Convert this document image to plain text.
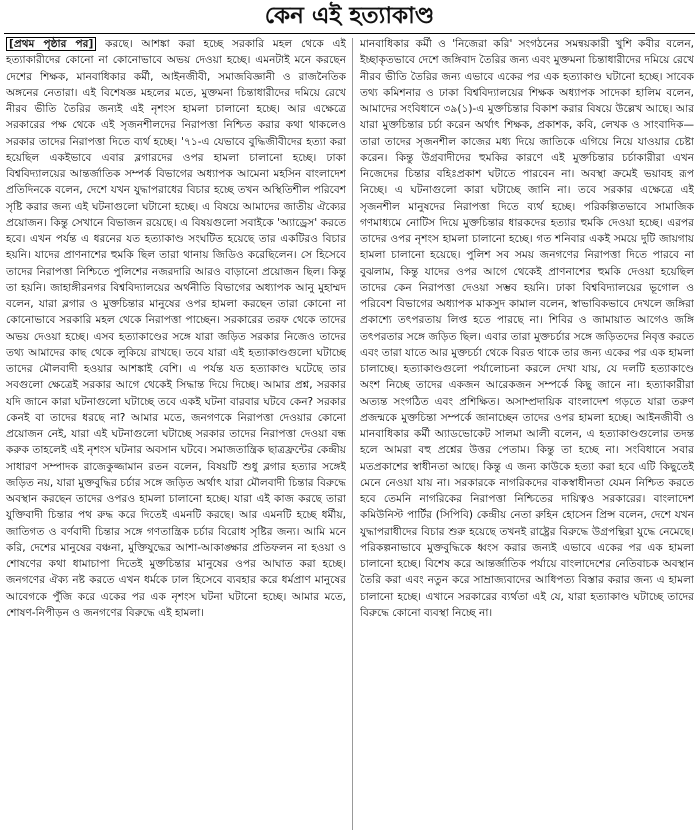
কেন এই হত্যাকাণ্ড

[প্রথম পৃষ্ঠার পর] করছে। আশঙ্কা করা হচ্ছে সরকারি মহল থেকে এই হত্যাকারীদের কোনো না কোনোভাবে অভয় দেওয়া হচ্ছে। এমনটাই মনে করছেন দেশের শিক্ষক, মানবাধিকার কর্মী, আইনজীবী, সমাজবিজ্ঞানী ও রাজনৈতিক অঙ্গনের নেতারা। এই বিশেষজ্ঞ মহলের মতে, মুক্তমনা চিন্তাধারীদের দমিয়ে রেখে নীরব ভীতি তৈরির জন্যই এই নৃশংস হামলা চালানো হচ্ছে। আর এক্ষেত্রে সরকারের পক্ষ থেকে এই সৃজনশীলদের নিরাপত্তা নিশ্চিত করার কথা থাকলেও সরকার তাদের নিরাপত্তা দিতে ব্যর্থ হচ্ছে। '৭১-এ যেভাবে বুদ্ধিজীবীদের হত্যা করা হয়েছিল একইভাবে এবার ব্লগারদের ওপর হামলা চালানো হচ্ছে। ঢাকা বিশ্ববিদ্যালয়ের আন্তর্জাতিক সম্পর্ক বিভাগের অধ্যাপক আমেনা মহসিন বাংলাদেশ প্রতিদিনকে বলেন, দেশে যখন যুদ্ধাপরাধের বিচার হচ্ছে তখন অস্থিতিশীল পরিবেশ সৃষ্টি করার জন্য এই ঘটনাগুলো ঘটানো হচ্ছে। এ বিষয়ে আমাদের জাতীয় ঐক্যের প্রয়োজন। কিন্তু সেখানে বিভাজন রয়েছে। এ বিষয়গুলো সবাইকে 'অ্যাড্রেস' করতে হবে। এখন পর্যন্ত এ ধরনের যত হত্যাকাণ্ড সংঘটিত হয়েছে তার একটিরও বিচার হয়নি। যাদের প্রাণনাশের হুমকি ছিল তারা থানায় জিডিও করেছিলেন। সে হিসেবে তাদের নিরাপত্তা নিশ্চিতে পুলিশের নজরদারি আরও বাড়ানো প্রয়োজন ছিল। কিন্তু তা হয়নি। জাহাঙ্গীরনগর বিশ্ববিদ্যালয়ের অর্থনীতি বিভাগের অধ্যাপক আনু মুহাম্মদ বলেন, যারা ব্লগার ও মুক্তচিন্তার মানুষের ওপর হামলা করছেন তারা কোনো না কোনোভাবে সরকারি মহল থেকে নিরাপত্তা পাচ্ছেন। সরকারের তরফ থেকে তাদের অভয় দেওয়া হচ্ছে। এসব হত্যাকাণ্ডের সঙ্গে যারা জড়িত সরকার নিজেও তাদের তথ্য আমাদের কাছ থেকে লুকিয়ে রাখছে। তবে যারা এই হত্যাকাণ্ডগুলো ঘটাচ্ছে তাদের মৌলবাদী হওয়ার আশঙ্কাই বেশি। এ পর্যন্ত যত হত্যাকাণ্ড ঘটেছে তার সবগুলো ক্ষেত্রেই সরকার আগে থেকেই সিদ্ধান্ত দিয়ে দিচ্ছে। আমার প্রশ্ন, সরকার যদি জানে কারা ঘটনাগুলো ঘটাচ্ছে তবে একই ঘটনা বারবার ঘটবে কেন? সরকার কেনই বা তাদের ধরছে না? আমার মতে, জনগণকে নিরাপত্তা দেওয়ার কোনো প্রয়োজন নেই, যারা এই ঘটনাগুলো ঘটাচ্ছে সরকার তাদের নিরাপত্তা দেওয়া বন্ধ করুক তাহলেই এই নৃশংস ঘটনার অবসান ঘটবে। সমাজতান্ত্রিক ছাত্রফ্রন্টের কেন্দ্রীয় সাধারণ সম্পাদক রাজেকুজ্জামান রতন বলেন, বিষয়টি শুধু ব্লগার হত্যার সঙ্গেই জড়িত নয়, যারা মুক্তবুদ্ধির চর্চার সঙ্গে জড়িত অর্থাৎ যারা মৌলবাদী চিন্তার বিরুদ্ধে অবস্থান করছেন তাদের ওপরও হামলা চালানো হচ্ছে। যারা এই কাজ করছে তারা যুক্তিবাদী চিন্তার পথ রুদ্ধ করে দিতেই এমনটি করছে। আর এমনটি হচ্ছে ধর্মীয়, জাতিগত ও বর্ণবাদী চিন্তার সঙ্গে গণতান্ত্রিক চর্চার বিরোধ সৃষ্টির জন্য। আমি মনে করি, দেশের মানুষের বঞ্চনা, মুক্তিযুদ্ধের আশা-আকাঙ্ক্ষার প্রতিফলন না হওয়া ও শোষণের কথা ধামাচাপা দিতেই মুক্তচিন্তার মানুষের ওপর আঘাত করা হচ্ছে। জনগণের ঐক্য নষ্ট করতে এখন ধর্মকে ঢাল হিসেবে ব্যবহার করে ধর্মপ্রাণ মানুষের আবেগকে পুঁজি করে একের পর এক নৃশংস ঘটনা ঘটানো হচ্ছে। আমার মতে, শোষণ-নিপীড়ন ও জনগণের বিরুদ্ধে এই হামলা।

মানবাধিকার কর্মী ও 'নিজেরা করি' সংগঠনের সমন্বয়কারী খুশি কবীর বলেন, ইচ্ছাকৃতভাবে দেশে জঙ্গিবাদ তৈরির জন্য এবং মুক্তমনা চিন্তাধারীদের দমিয়ে রেখে নীরব ভীতি তৈরির জন্য এভাবে একের পর এক হত্যাকাণ্ড ঘটানো হচ্ছে। সাবেক তথ্য কমিশনার ও ঢাকা বিশ্ববিদ্যালয়ের শিক্ষক অধ্যাপক সাদেকা হালিম বলেন, আমাদের সংবিধানে ৩৯(১)-এ মুক্তচিন্তার বিকাশ করার বিষয়ে উল্লেখ আছে। আর যারা মুক্তচিন্তার চর্চা করেন অর্থাৎ শিক্ষক, প্রকাশক, কবি, লেখক ও সাংবাদিক— তারা তাদের সৃজনশীল কাজের মধ্য দিয়ে জাতিকে এগিয়ে নিয়ে যাওয়ার চেষ্টা করেন। কিন্তু উগ্রবাদীদের হুমকির কারণে এই মুক্তচিন্তার চর্চাকারীরা এখন নিজেদের চিন্তার বহিঃপ্রকাশ ঘটাতে পারবেন না। অবস্থা ক্রমেই ভয়াবহ রূপ নিচ্ছে। এ ঘটনাগুলো কারা ঘটাচ্ছে জানি না। তবে সরকার এক্ষেত্রে এই সৃজনশীল মানুষদের নিরাপত্তা দিতে ব্যর্থ হচ্ছে। পরিকল্পিতভাবে সামাজিক গণমাধ্যমে নোটিস দিয়ে মুক্তচিন্তার ধারকদের হত্যার হুমকি দেওয়া হচ্ছে। এরপর তাদের ওপর নৃশংস হামলা চালানো হচ্ছে। গত শনিবার একই সময়ে দুটি জায়গায় হামলা চালানো হয়েছে। পুলিশ সব সময় জনগণের নিরাপত্তা দিতে পারবে না বুঝলাম, কিন্তু যাদের ওপর আগে থেকেই প্রাণনাশের হুমকি দেওয়া হয়েছিল তাদের কেন নিরাপত্তা দেওয়া সম্ভব হয়নি। ঢাকা বিশ্ববিদ্যালয়ের ভূগোল ও পরিবেশ বিভাগের অধ্যাপক মাকসুদ কামাল বলেন, স্বাভাবিকভাবে দেখলে জঙ্গিরা প্রকাশ্যে তৎপরতায় লিপ্ত হতে পারছে না। শিবির ও জামায়াত আগেও জঙ্গি তৎপরতার সঙ্গে জড়িত ছিল। এবার তারা মুক্তচর্চার সঙ্গে জড়িতদের নিবৃত্ত করতে এবং তারা যাতে আর মুক্তচর্চা থেকে বিরত থাকে তার জন্য একের পর এক হামলা চালাচ্ছে। হত্যাকাণ্ডগুলো পর্যালোচনা করলে দেখা যায়, যে দলটি হত্যাকাণ্ডে অংশ নিচ্ছে তাদের একজন আরেকজন সম্পর্কে কিছু জানে না। হত্যাকারীরা অত্যন্ত সংগঠিত এবং প্রশিক্ষিত। অসাম্প্রদায়িক বাংলাদেশ গড়তে যারা তরুণ প্রজন্মকে মুক্তচিন্তা সম্পর্কে জানাচ্ছেন তাদের ওপর হামলা হচ্ছে। আইনজীবী ও মানবাধিকার কর্মী অ্যাডভোকেট সালমা আলী বলেন, এ হত্যাকাণ্ডগুলোর তদন্ত হলে আমরা বহু প্রশ্নের উত্তর পেতাম। কিন্তু তা হচ্ছে না। সংবিধানে সবার মতপ্রকাশের স্বাধীনতা আছে। কিন্তু এ জন্য কাউকে হত্যা করা হবে এটি কিছুতেই মেনে নেওয়া যায় না। সরকারকে নাগরিকদের বাকস্বাধীনতা যেমন নিশ্চিত করতে হবে তেমনি নাগরিকের নিরাপত্তা নিশ্চিতের দায়িত্বও সরকারের। বাংলাদেশ কমিউনিস্ট পার্টির (সিপিবি) কেন্দ্রীয় নেতা রুহিন হোসেন প্রিন্স বলেন, দেশে যখন যুদ্ধাপরাধীদের বিচার শুরু হয়েছে তখনই রাষ্ট্রের বিরুদ্ধে উগ্রপন্থিরা যুদ্ধে নেমেছে। পরিকল্পনাভাবে মুক্তবুদ্ধিকে ধ্বংস করার জন্যই এভাবে একের পর এক হামলা চালানো হচ্ছে। বিশেষ করে আন্তর্জাতিক পর্যায়ে বাংলাদেশের নেতিবাচক অবস্থান তৈরি করা এবং নতুন করে সাম্রাজ্যবাদের আধিপত্য বিস্তার করার জন্য এ হামলা চালানো হচ্ছে। এখানে সরকারের ব্যর্থতা এই যে, যারা হত্যাকাণ্ড ঘটাচ্ছে তাদের বিরুদ্ধে কোনো ব্যবস্থা নিচ্ছে না।
